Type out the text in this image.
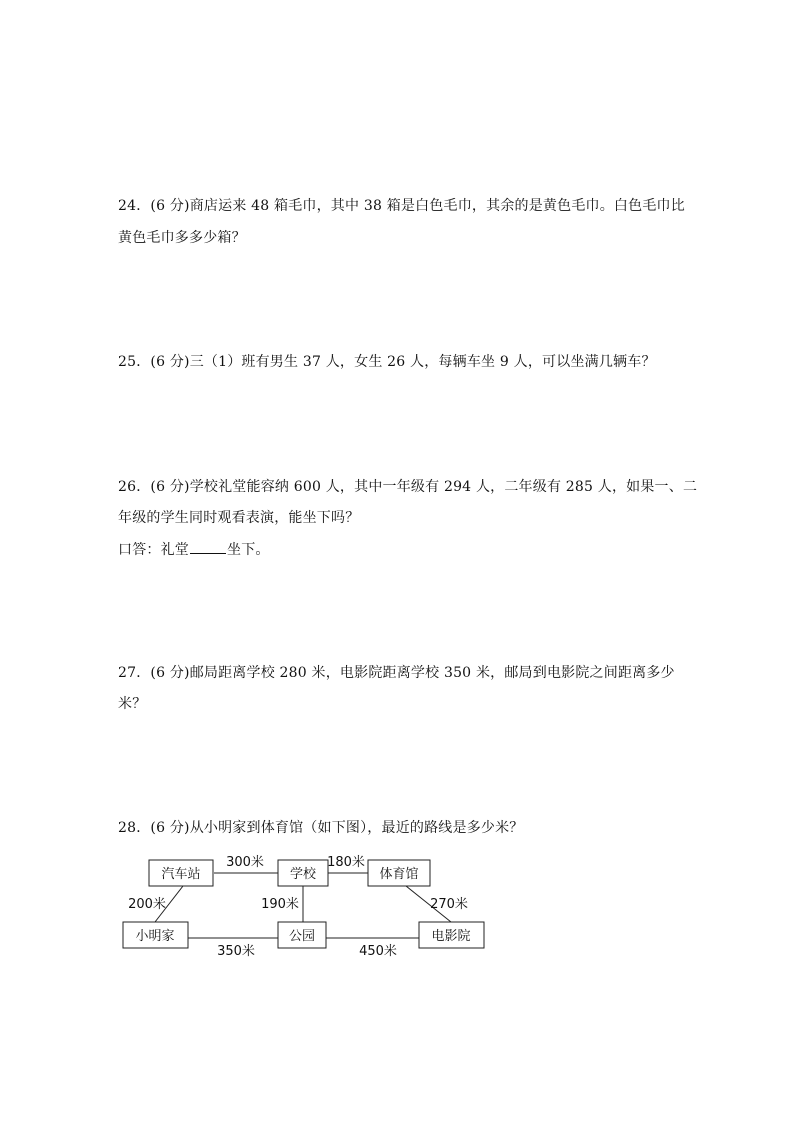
24．(6 分)商店运来 48 箱毛巾，其中 38 箱是白色毛巾，其余的是黄色毛巾。白色毛巾比
黄色毛巾多多少箱？
25．(6 分)三（1）班有男生 37 人，女生 26 人，每辆车坐 9 人，可以坐满几辆车？
26．(6 分)学校礼堂能容纳 600 人，其中一年级有 294 人，二年级有 285 人，如果一、二
年级的学生同时观看表演，能坐下吗？
口答：礼堂	坐下。
27．(6 分)邮局距离学校 280 米，电影院距离学校 350 米，邮局到电影院之间距离多少
米？
28．(6 分)从小明家到体育馆（如下图），最近的路线是多少米？
汽车站	学校	体育馆
小明家	公园	电影院
300米	180米
200米	190米	270米
350米	450米
